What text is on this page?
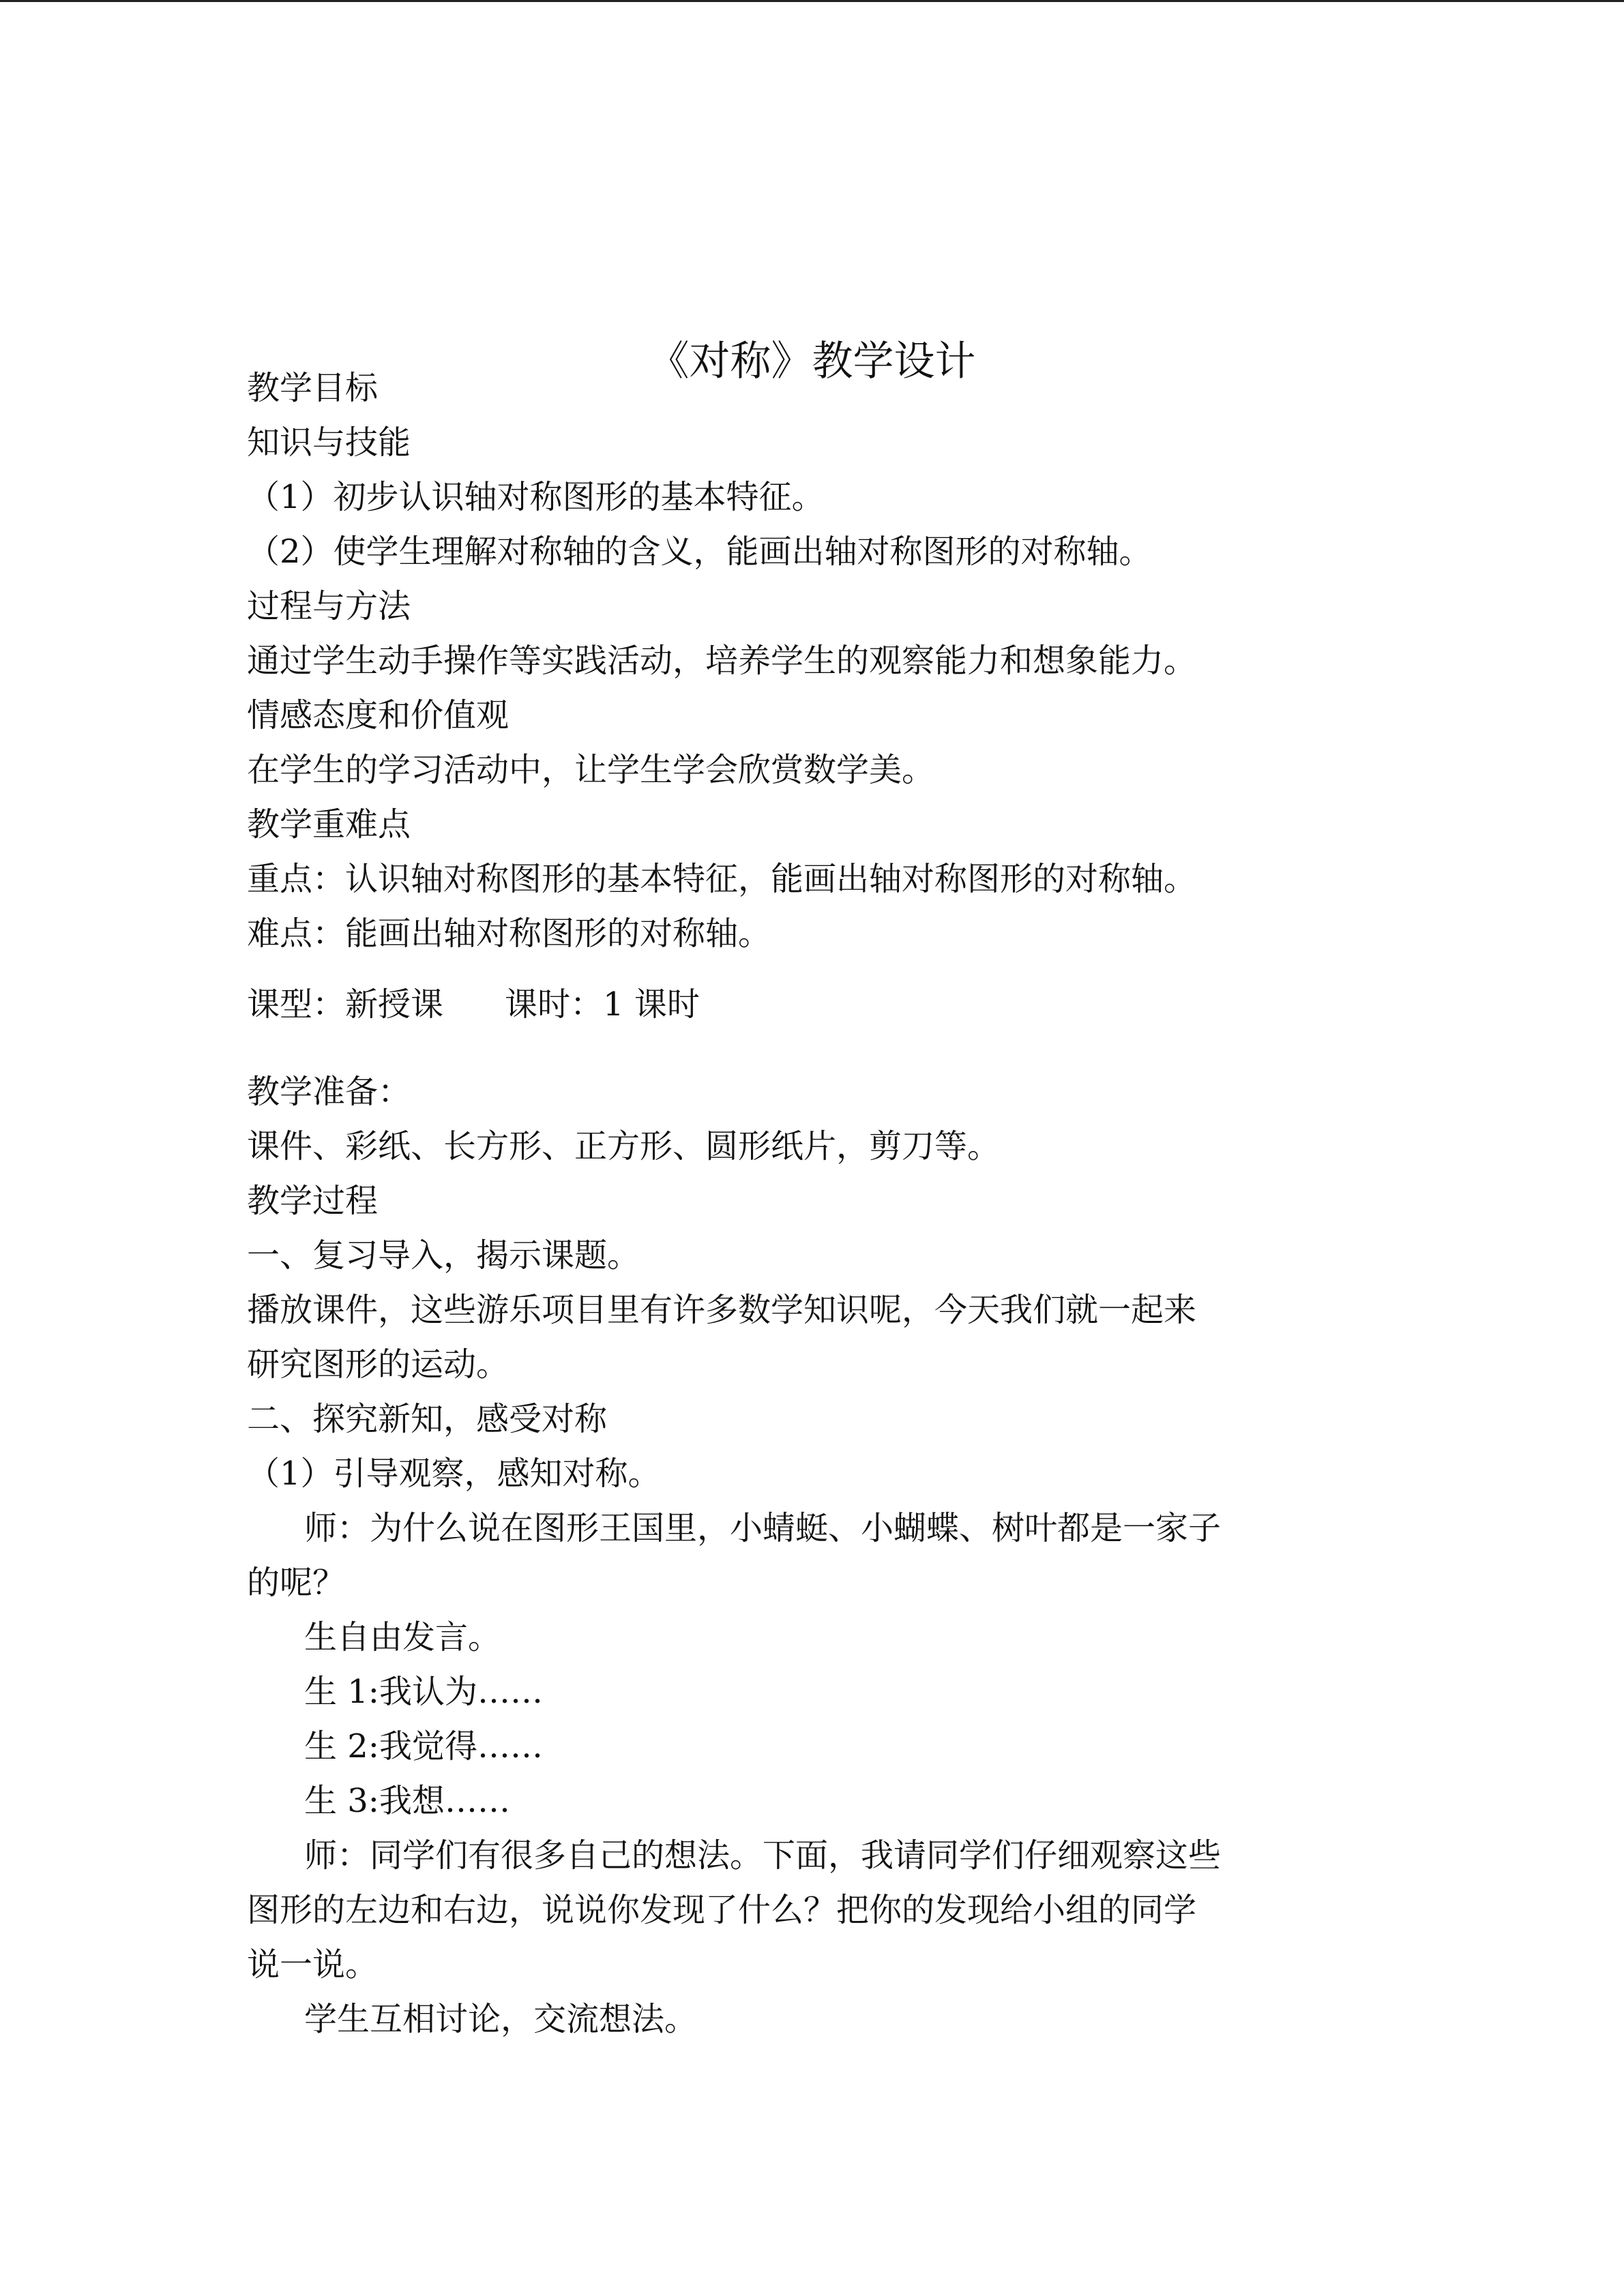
《对称》教学设计
教学目标
知识与技能
（1）初步认识轴对称图形的基本特征。
（2）使学生理解对称轴的含义，能画出轴对称图形的对称轴。
过程与方法
通过学生动手操作等实践活动，培养学生的观察能力和想象能力。
情感态度和价值观
在学生的学习活动中，让学生学会欣赏数学美。
教学重难点
重点：认识轴对称图形的基本特征，能画出轴对称图形的对称轴。
难点：能画出轴对称图形的对称轴。
课型：新授课 课时：1 课时
教学准备：
课件、彩纸、长方形、正方形、圆形纸片，剪刀等。
教学过程
一、复习导入，揭示课题。
播放课件，这些游乐项目里有许多数学知识呢，今天我们就一起来
研究图形的运动。
二、探究新知，感受对称
（1）引导观察，感知对称。
师：为什么说在图形王国里，小蜻蜓、小蝴蝶、树叶都是一家子
的呢？
生自由发言。
生 1:我认为……
生 2:我觉得……
生 3:我想……
师：同学们有很多自己的想法。下面，我请同学们仔细观察这些
图形的左边和右边，说说你发现了什么？把你的发现给小组的同学
说一说。
学生互相讨论，交流想法。
